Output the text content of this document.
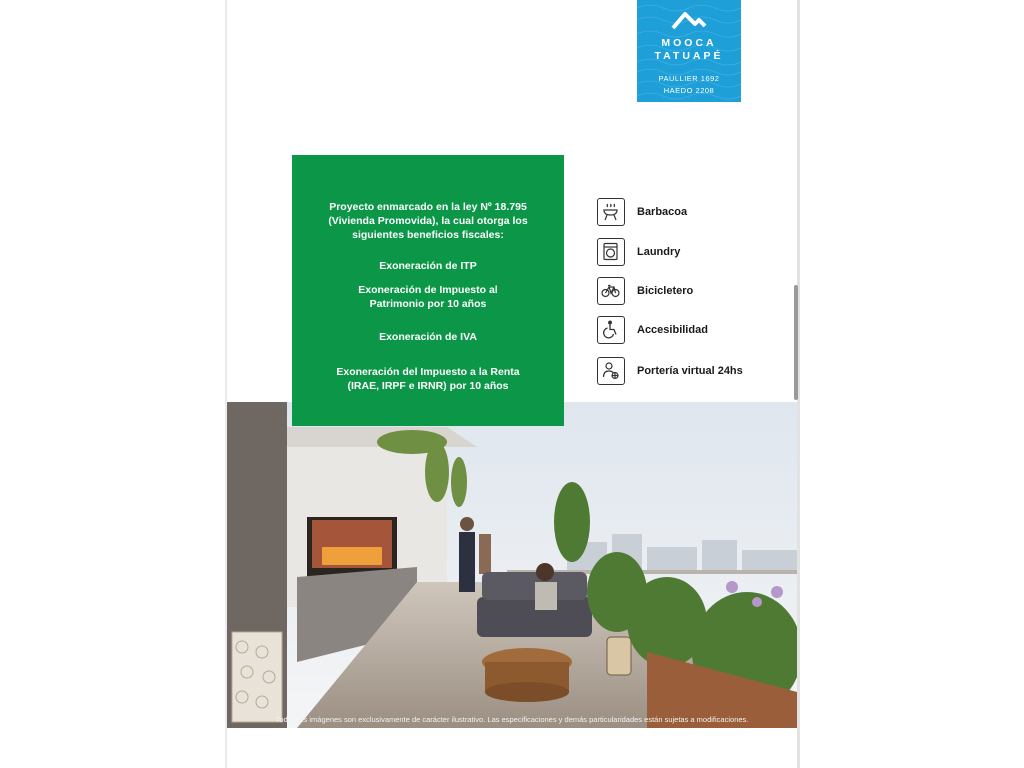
MOOCA
TATUAPÉ
PAULLIER 1692
HAEDO 2208

Proyecto enmarcado en la ley Nº 18.795 (Vivienda Promovida), la cual otorga los siguientes beneficios fiscales:

Exoneración de ITP

Exoneración de Impuesto al Patrimonio por 10 años

Exoneración de IVA

Exoneración del Impuesto a la Renta (IRAE, IRPF e IRNR) por 10 años

Barbacoa
Laundry
Bicicletero
Accesibilidad
Portería virtual 24hs
Todas las imágenes son exclusivamente de carácter ilustrativo. Las especificaciones y demás particularidades están sujetas a modificaciones.
